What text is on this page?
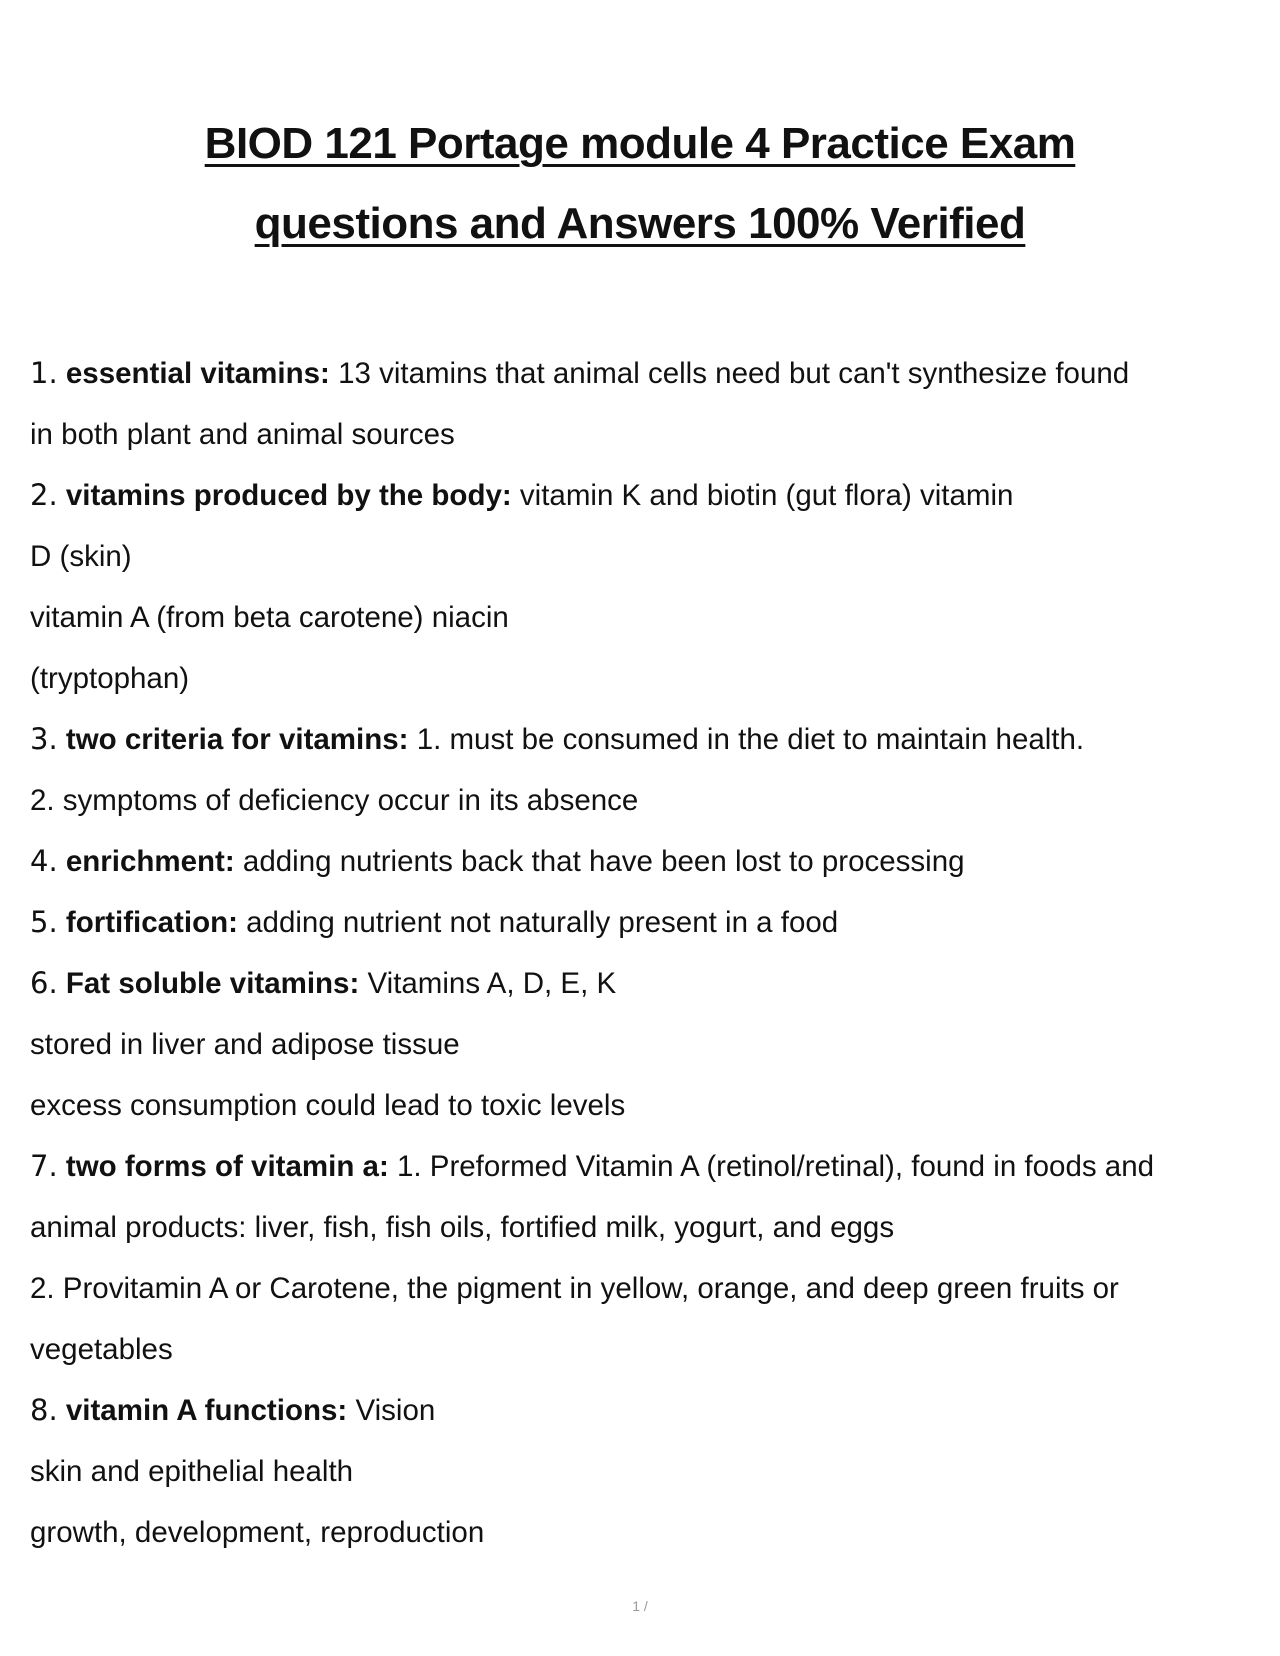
BIOD 121 Portage module 4 Practice Exam
questions and Answers 100% Verified
1. essential vitamins: 13 vitamins that animal cells need but can't synthesize found
in both plant and animal sources
2. vitamins produced by the body: vitamin K and biotin (gut flora) vitamin
D (skin)
vitamin A (from beta carotene) niacin
(tryptophan)
3. two criteria for vitamins: 1. must be consumed in the diet to maintain health.
2. symptoms of deficiency occur in its absence
4. enrichment: adding nutrients back that have been lost to processing
5. fortification: adding nutrient not naturally present in a food
6. Fat soluble vitamins: Vitamins A, D, E, K
stored in liver and adipose tissue
excess consumption could lead to toxic levels
7. two forms of vitamin a: 1. Preformed Vitamin A (retinol/retinal), found in foods and
animal products: liver, fish, fish oils, fortified milk, yogurt, and eggs
2. Provitamin A or Carotene, the pigment in yellow, orange, and deep green fruits or
vegetables
8. vitamin A functions: Vision
skin and epithelial health
growth, development, reproduction
1 /
